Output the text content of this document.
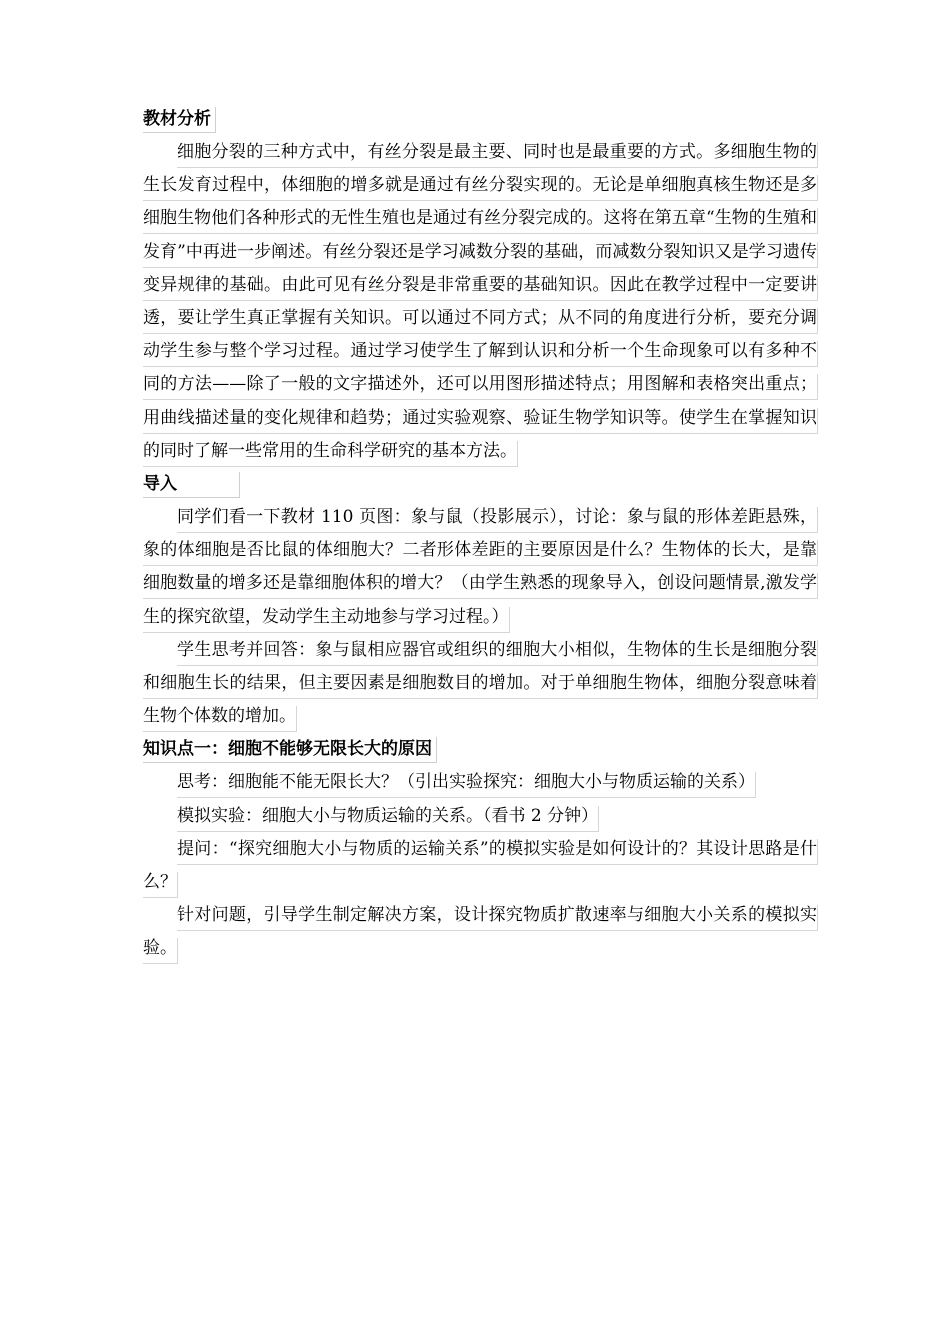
教材分析

细胞分裂的三种方式中，有丝分裂是最主要、同时也是最重要的方式。多细胞生物的生长发育过程中，体细胞的增多就是通过有丝分裂实现的。无论是单细胞真核生物还是多细胞生物他们各种形式的无性生殖也是通过有丝分裂完成的。这将在第五章“生物的生殖和发育”中再进一步阐述。有丝分裂还是学习减数分裂的基础，而减数分裂知识又是学习遗传变异规律的基础。由此可见有丝分裂是非常重要的基础知识。因此在教学过程中一定要讲透，要让学生真正掌握有关知识。可以通过不同方式；从不同的角度进行分析，要充分调动学生参与整个学习过程。通过学习使学生了解到认识和分析一个生命现象可以有多种不同的方法——除了一般的文字描述外，还可以用图形描述特点；用图解和表格突出重点；用曲线描述量的变化规律和趋势；通过实验观察、验证生物学知识等。使学生在掌握知识的同时了解一些常用的生命科学研究的基本方法。

导入

同学们看一下教材 110 页图：象与鼠（投影展示），讨论：象与鼠的形体差距悬殊，象的体细胞是否比鼠的体细胞大？二者形体差距的主要原因是什么？生物体的长大，是靠细胞数量的增多还是靠细胞体积的增大？（由学生熟悉的现象导入，创设问题情景,激发学生的探究欲望，发动学生主动地参与学习过程。）

学生思考并回答：象与鼠相应器官或组织的细胞大小相似，生物体的生长是细胞分裂和细胞生长的结果，但主要因素是细胞数目的增加。对于单细胞生物体，细胞分裂意味着生物个体数的增加。

知识点一：细胞不能够无限长大的原因

思考：细胞能不能无限长大？（引出实验探究：细胞大小与物质运输的关系）

模拟实验：细胞大小与物质运输的关系。（看书 2 分钟）

提问：“探究细胞大小与物质的运输关系”的模拟实验是如何设计的？其设计思路是什么？

针对问题，引导学生制定解决方案，设计探究物质扩散速率与细胞大小关系的模拟实验。
